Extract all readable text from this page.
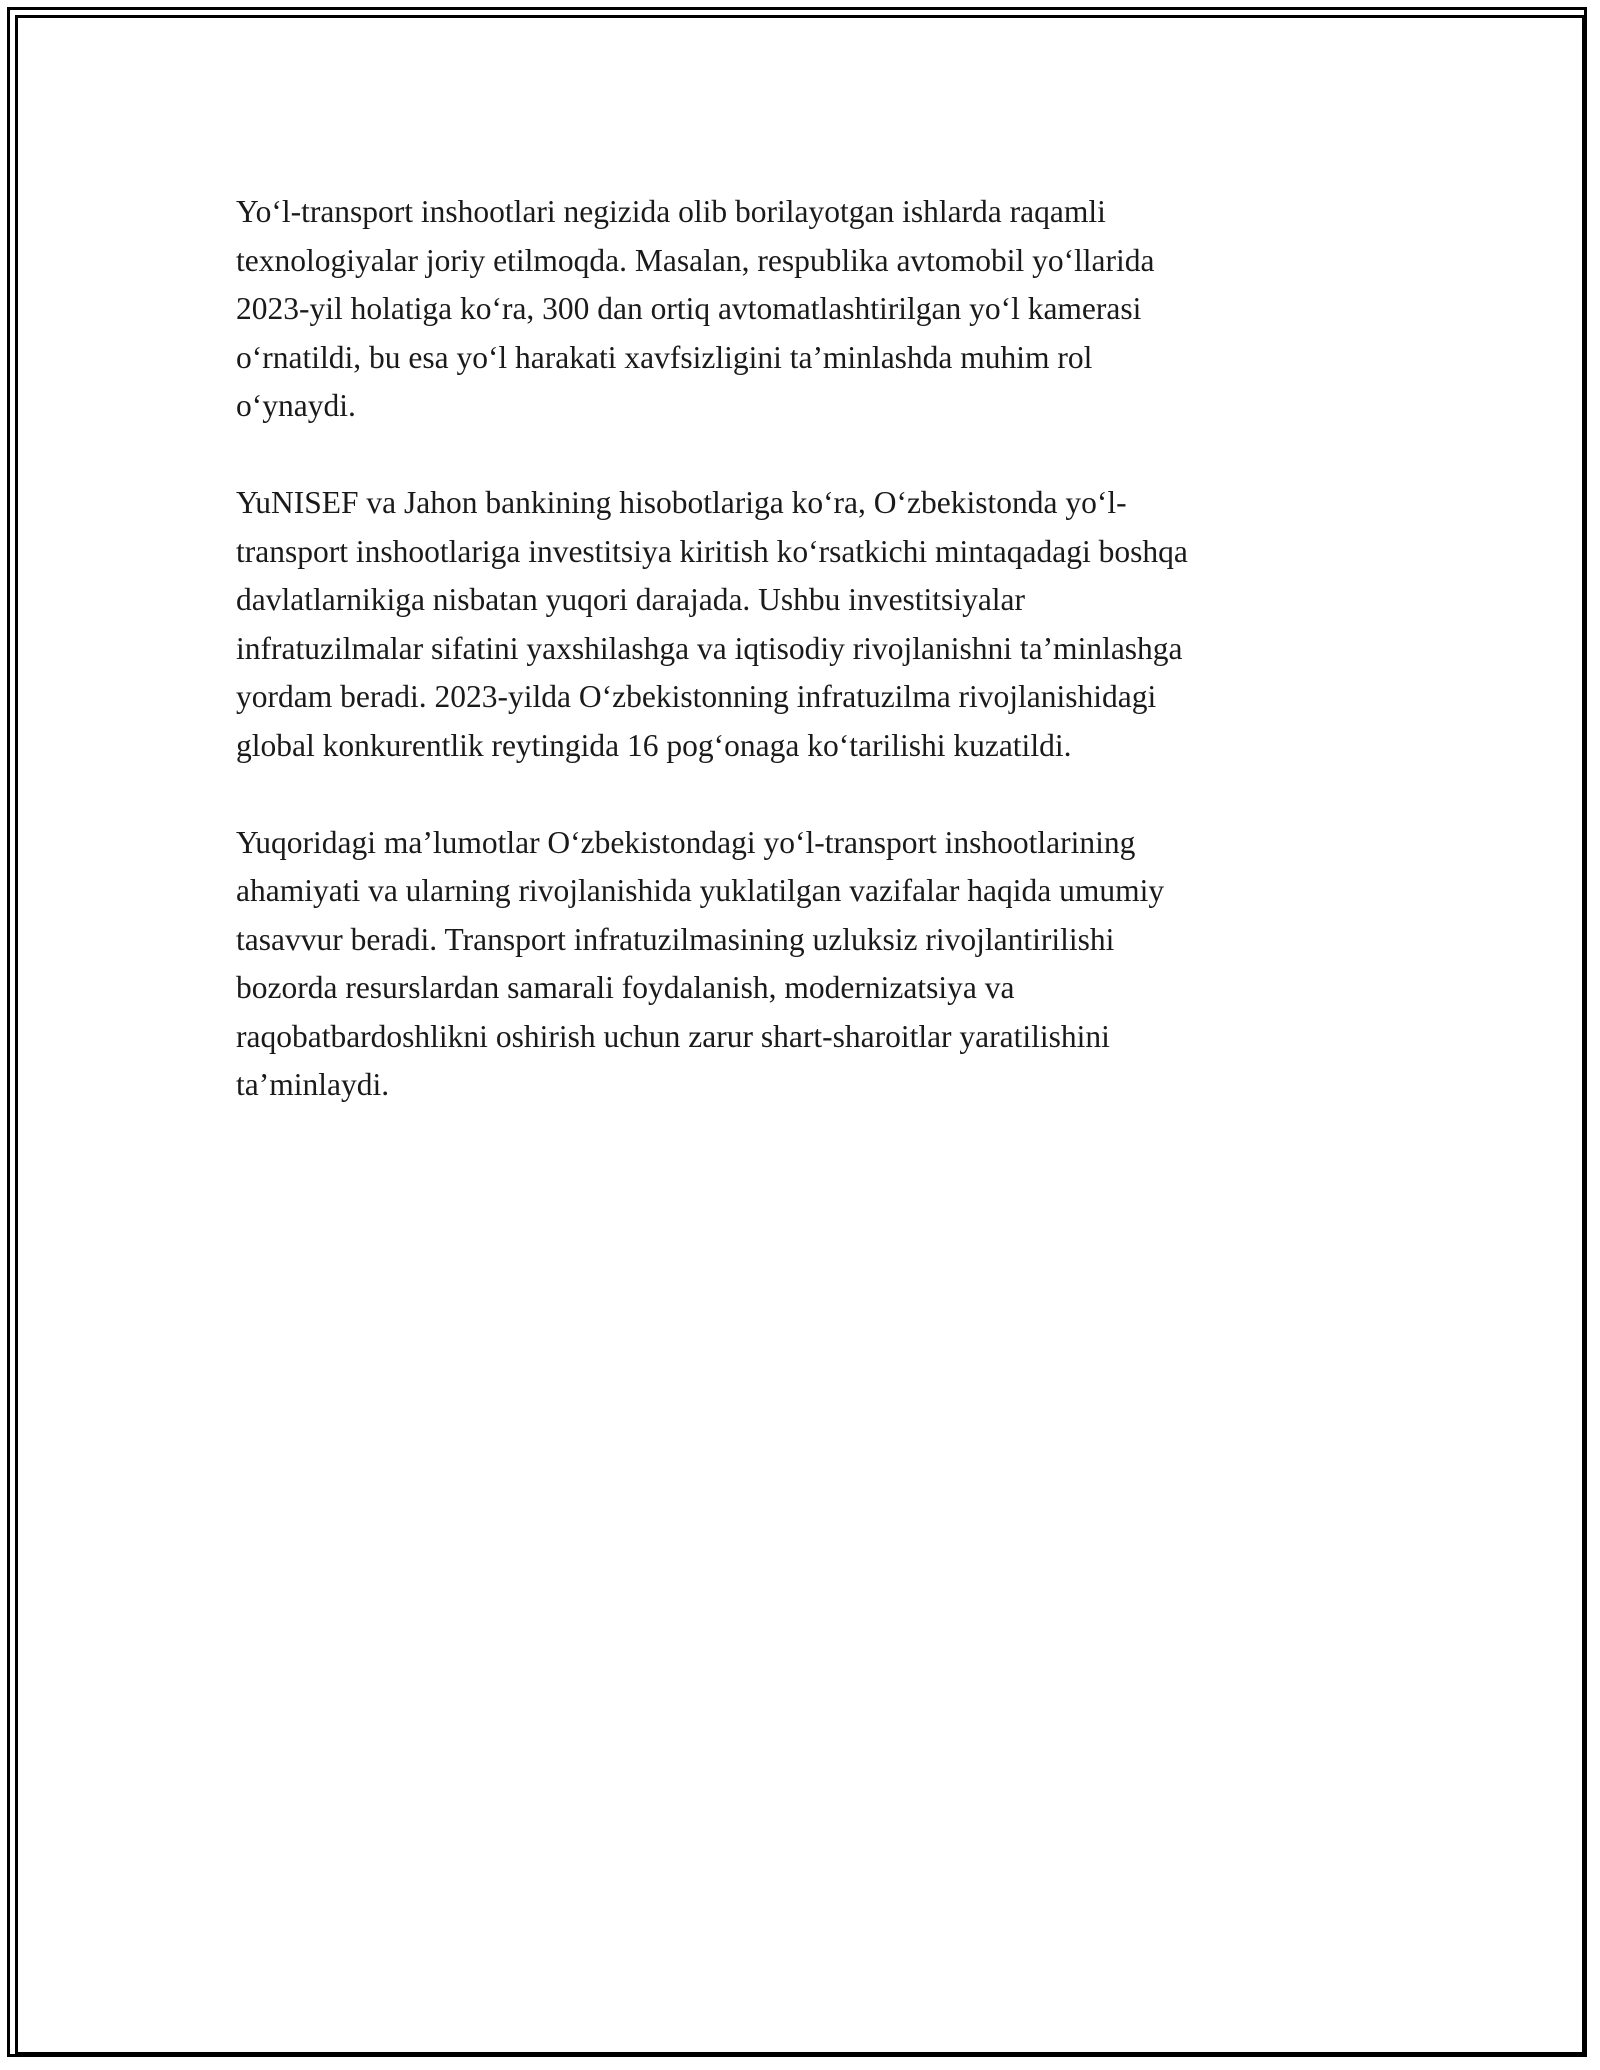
Yo‘l-transport inshootlari negizida olib borilayotgan ishlarda raqamli
texnologiyalar joriy etilmoqda. Masalan, respublika avtomobil yo‘llarida
2023-yil holatiga ko‘ra, 300 dan ortiq avtomatlashtirilgan yo‘l kamerasi
o‘rnatildi, bu esa yo‘l harakati xavfsizligini ta’minlashda muhim rol
o‘ynaydi.

YuNISEF va Jahon bankining hisobotlariga ko‘ra, O‘zbekistonda yo‘l-
transport inshootlariga investitsiya kiritish ko‘rsatkichi mintaqadagi boshqa
davlatlarnikiga nisbatan yuqori darajada. Ushbu investitsiyalar
infratuzilmalar sifatini yaxshilashga va iqtisodiy rivojlanishni ta’minlashga
yordam beradi. 2023-yilda O‘zbekistonning infratuzilma rivojlanishidagi
global konkurentlik reytingida 16 pog‘onaga ko‘tarilishi kuzatildi.

Yuqoridagi ma’lumotlar O‘zbekistondagi yo‘l-transport inshootlarining
ahamiyati va ularning rivojlanishida yuklatilgan vazifalar haqida umumiy
tasavvur beradi. Transport infratuzilmasining uzluksiz rivojlantirilishi
bozorda resurslardan samarali foydalanish, modernizatsiya va
raqobatbardoshlikni oshirish uchun zarur shart-sharoitlar yaratilishini
ta’minlaydi.
